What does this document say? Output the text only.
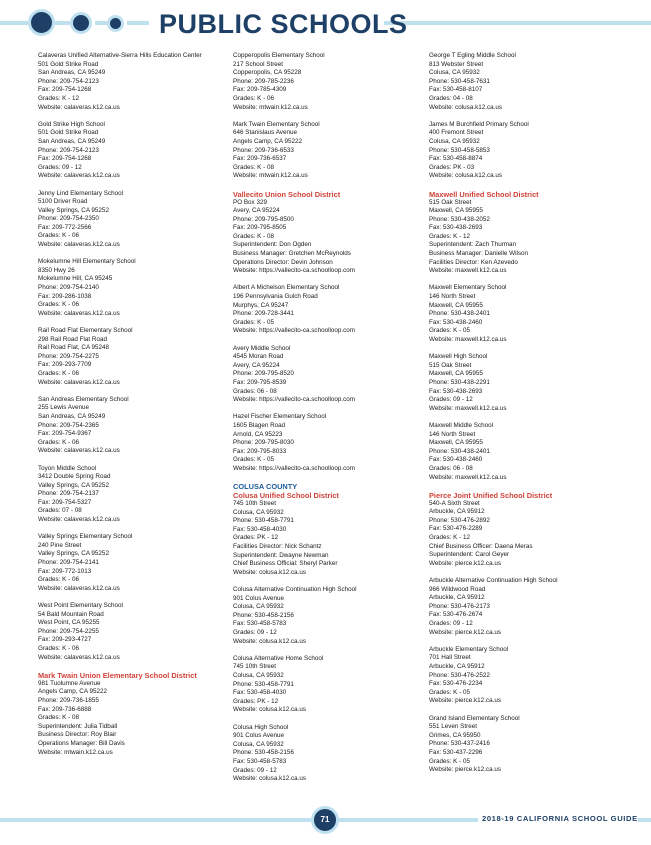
PUBLIC SCHOOLS
Calaveras Unified Alternative-Sierra Hills Education Center
501 Gold Strike Road
San Andreas, CA 95249
Phone: 209-754-2123
Fax: 209-754-1268
Grades: K - 12
Website: calaveras.k12.ca.us
Gold Strike High School
501 Gold Strike Road
San Andreas, CA 95249
Phone: 209-754-2123
Fax: 209-754-1268
Grades: 09 - 12
Website: calaveras.k12.ca.us
Jenny Lind Elementary School
5100 Driver Road
Valley Springs, CA 95252
Phone: 209-754-2350
Fax: 209-772-2566
Grades: K - 06
Website: calaveras.k12.ca.us
Mokelumne Hill Elementary School
8350 Hwy 26
Mokelumne Hill, CA 95245
Phone: 209-754-2140
Fax: 209-286-1038
Grades: K - 06
Website: calaveras.k12.ca.us
Rail Road Flat Elementary School
298 Rail Road Flat Road
Rail Road Flat, CA 95248
Phone: 209-754-2275
Fax: 209-293-7709
Grades: K - 06
Website: calaveras.k12.ca.us
San Andreas Elementary School
255 Lewis Avenue
San Andreas, CA 95249
Phone: 209-754-2365
Fax: 209-754-9367
Grades: K - 06
Website: calaveras.k12.ca.us
Toyon Middle School
3412 Double Spring Road
Valley Springs, CA 95252
Phone: 209-754-2137
Fax: 209-754-5327
Grades: 07 - 08
Website: calaveras.k12.ca.us
Valley Springs Elementary School
240 Pine Street
Valley Springs, CA 95252
Phone: 209-754-2141
Fax: 209-772-1013
Grades: K - 06
Website: calaveras.k12.ca.us
West Point Elementary School
54 Bald Mountain Road
West Point, CA 95255
Phone: 209-754-2255
Fax: 209-293-4727
Grades: K - 06
Website: calaveras.k12.ca.us
Mark Twain Union Elementary School District
981 Tuolumne Avenue
Angels Camp, CA 95222
Phone: 209-736-1855
Fax: 209-736-6888
Grades: K - 08
Superintendent: Julia Tidball
Business Director: Roy Blair
Operations Manager: Bill Davis
Website: mtwain.k12.ca.us
Copperopolis Elementary School
217 School Street
Copperopolis, CA 95228
Phone: 209-785-2236
Fax: 209-785-4309
Grades: K - 06
Website: mtwain.k12.ca.us
Mark Twain Elementary School
646 Stanislaus Avenue
Angels Camp, CA 95222
Phone: 209-736-6533
Fax: 209-736-6537
Grades: K - 08
Website: mtwain.k12.ca.us
Vallecito Union School District
PO Box 329
Avery, CA 95224
Phone: 209-795-8500
Fax: 209-795-8505
Grades: K - 08
Superintendent: Don Ogden
Business Manager: Gretchen McReynolds
Operations Director: Devin Johnson
Website: https://vallecito-ca.schoolloop.com
Albert A Michelson Elementary School
196 Pennsylvania Gulch Road
Murphys, CA 95247
Phone: 209-728-3441
Grades: K - 05
Website: https://vallecito-ca.schoolloop.com
Avery Middle School
4545 Moran Road
Avery, CA 95224
Phone: 209-795-8520
Fax: 209-795-8539
Grades: 06 - 08
Website: https://vallecito-ca.schoolloop.com
Hazel Fischer Elementary School
1605 Blagen Road
Arnold, CA 95223
Phone: 209-795-8030
Fax: 209-795-8033
Grades: K - 05
Website: https://vallecito-ca.schoolloop.com
COLUSA COUNTY
Colusa Unified School District
745 10th Street
Colusa, CA 95932
Phone: 530-458-7791
Fax: 530-458-4030
Grades: PK - 12
Facilities Director: Nick Schantz
Superintendent: Dwayne Newman
Chief Business Official: Sheryl Parker
Website: colusa.k12.ca.us
Colusa Alternative Continuation High School
901 Colus Avenue
Colusa, CA 95932
Phone: 530-458-2156
Fax: 530-458-5783
Grades: 09 - 12
Website: colusa.k12.ca.us
Colusa Alternative Home School
745 10th Street
Colusa, CA 95932
Phone: 530-458-7791
Fax: 530-458-4030
Grades: PK - 12
Website: colusa.k12.ca.us
Colusa High School
901 Colus Avenue
Colusa, CA 95932
Phone: 530-458-2156
Fax: 530-458-5783
Grades: 09 - 12
Website: colusa.k12.ca.us
George T Egling Middle School
813 Webster Street
Colusa, CA 95932
Phone: 530-458-7631
Fax: 530-458-8107
Grades: 04 - 08
Website: colusa.k12.ca.us
James M Burchfield Primary School
400 Fremont Street
Colusa, CA 95932
Phone: 530-458-5853
Fax: 530-458-8874
Grades: PK - 03
Website: colusa.k12.ca.us
Maxwell Unified School District
515 Oak Street
Maxwell, CA 95955
Phone: 530-438-2052
Fax: 530-438-2693
Grades: K - 12
Superintendent: Zach Thurman
Business Manager: Danielle Wilson
Facilities Director: Ken Azevedo
Website: maxwell.k12.ca.us
Maxwell Elementary School
146 North Street
Maxwell, CA 95955
Phone: 530-438-2401
Fax: 530-438-2460
Grades: K - 05
Website: maxwell.k12.ca.us
Maxwell High School
515 Oak Street
Maxwell, CA 95955
Phone: 530-438-2291
Fax: 530-438-2693
Grades: 09 - 12
Website: maxwell.k12.ca.us
Maxwell Middle School
146 North Street
Maxwell, CA 95955
Phone: 530-438-2401
Fax: 530-438-2460
Grades: 06 - 08
Website: maxwell.k12.ca.us
Pierce Joint Unified School District
540-A Sixth Street
Arbuckle, CA 95912
Phone: 530-476-2892
Fax: 530-476-2289
Grades: K - 12
Chief Business Officer: Daena Meras
Superintendent: Carol Geyer
Website: pierce.k12.ca.us
Arbuckle Alternative Continuation High School
966 Wildwood Road
Arbuckle, CA 95912
Phone: 530-476-2173
Fax: 530-476-2674
Grades: 09 - 12
Website: pierce.k12.ca.us
Arbuckle Elementary School
701 Hall Street
Arbuckle, CA 95912
Phone: 530-476-2522
Fax: 530-476-2234
Grades: K - 05
Website: pierce.k12.ca.us
Grand Island Elementary School
551 Leven Street
Grimes, CA 95950
Phone: 530-437-2416
Fax: 530-437-2296
Grades: K - 05
Website: pierce.k12.ca.us
71	2018-19 CALIFORNIA SCHOOL GUIDE
